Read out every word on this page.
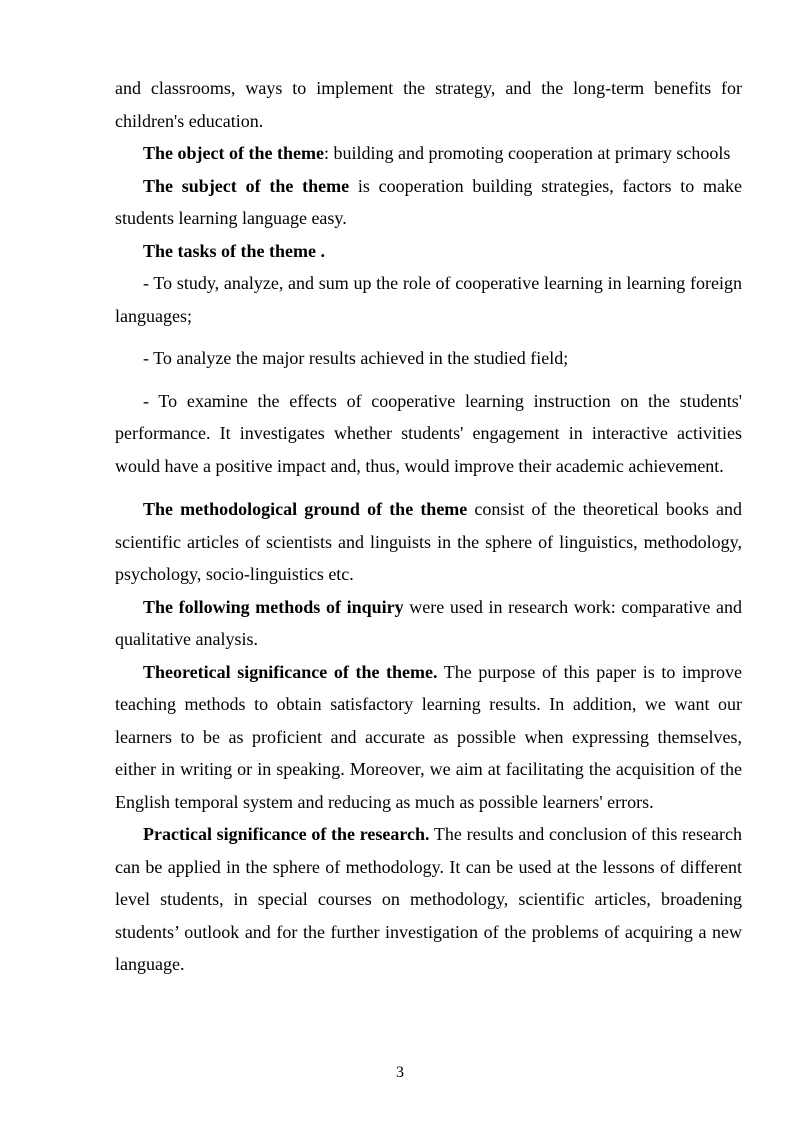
and classrooms, ways to implement the strategy, and the long-term benefits for children's education.

The object of the theme: building and promoting cooperation at primary schools

The subject of the theme is cooperation building strategies, factors to make students learning language easy.

The tasks of the theme .

- To study, analyze, and sum up the role of cooperative learning in learning foreign languages;

- To analyze the major results achieved in the studied field;

- To examine the effects of cooperative learning instruction on the students' performance. It investigates whether students' engagement in interactive activities would have a positive impact and, thus, would improve their academic achievement.

The methodological ground of the theme consist of the theoretical books and scientific articles of scientists and linguists in the sphere of linguistics, methodology, psychology, socio-linguistics etc.

The following methods of inquiry were used in research work: comparative and qualitative analysis.

Theoretical significance of the theme. The purpose of this paper is to improve teaching methods to obtain satisfactory learning results. In addition, we want our learners to be as proficient and accurate as possible when expressing themselves, either in writing or in speaking. Moreover, we aim at facilitating the acquisition of the English temporal system and reducing as much as possible learners' errors.

Practical significance of the research. The results and conclusion of this research can be applied in the sphere of methodology. It can be used at the lessons of different level students, in special courses on methodology, scientific articles, broadening students’ outlook and for the further investigation of the problems of acquiring a new language.

3
